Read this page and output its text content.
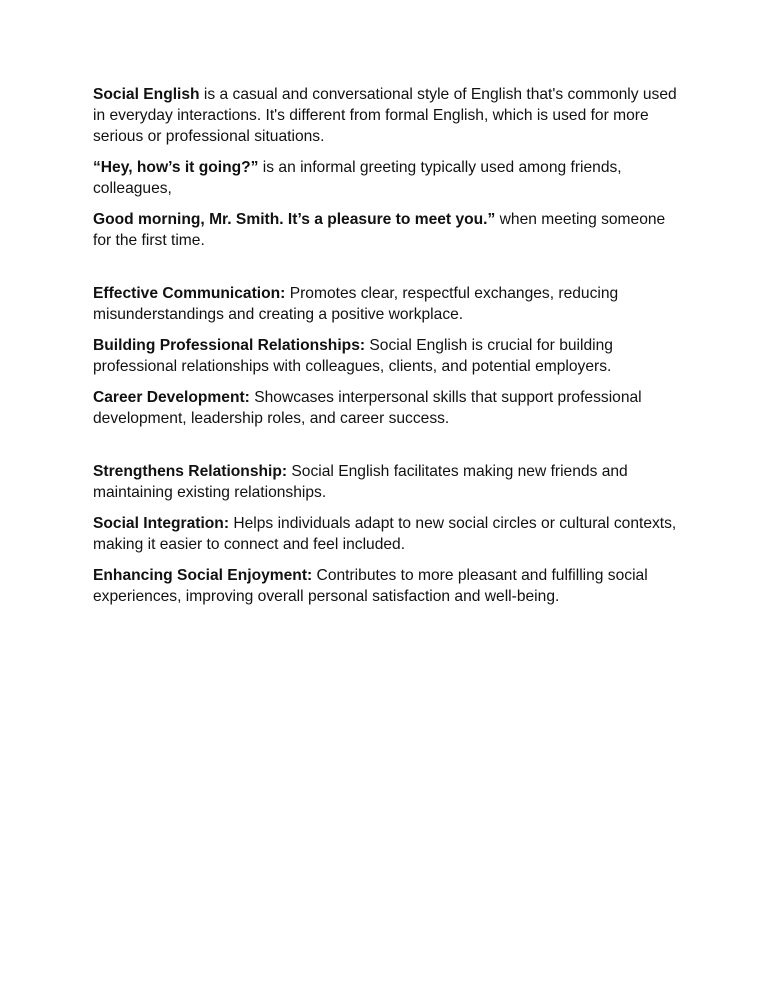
Social English is a casual and conversational style of English that's commonly used in everyday interactions. It's different from formal English, which is used for more serious or professional situations.

“Hey, how’s it going?” is an informal greeting typically used among friends, colleagues,

Good morning, Mr. Smith. It’s a pleasure to meet you.” when meeting someone for the first time.

Effective Communication: Promotes clear, respectful exchanges, reducing misunderstandings and creating a positive workplace.

Building Professional Relationships: Social English is crucial for building professional relationships with colleagues, clients, and potential employers.

Career Development: Showcases interpersonal skills that support professional development, leadership roles, and career success.

Strengthens Relationship: Social English facilitates making new friends and maintaining existing relationships.

Social Integration: Helps individuals adapt to new social circles or cultural contexts, making it easier to connect and feel included.

Enhancing Social Enjoyment: Contributes to more pleasant and fulfilling social experiences, improving overall personal satisfaction and well-being.
